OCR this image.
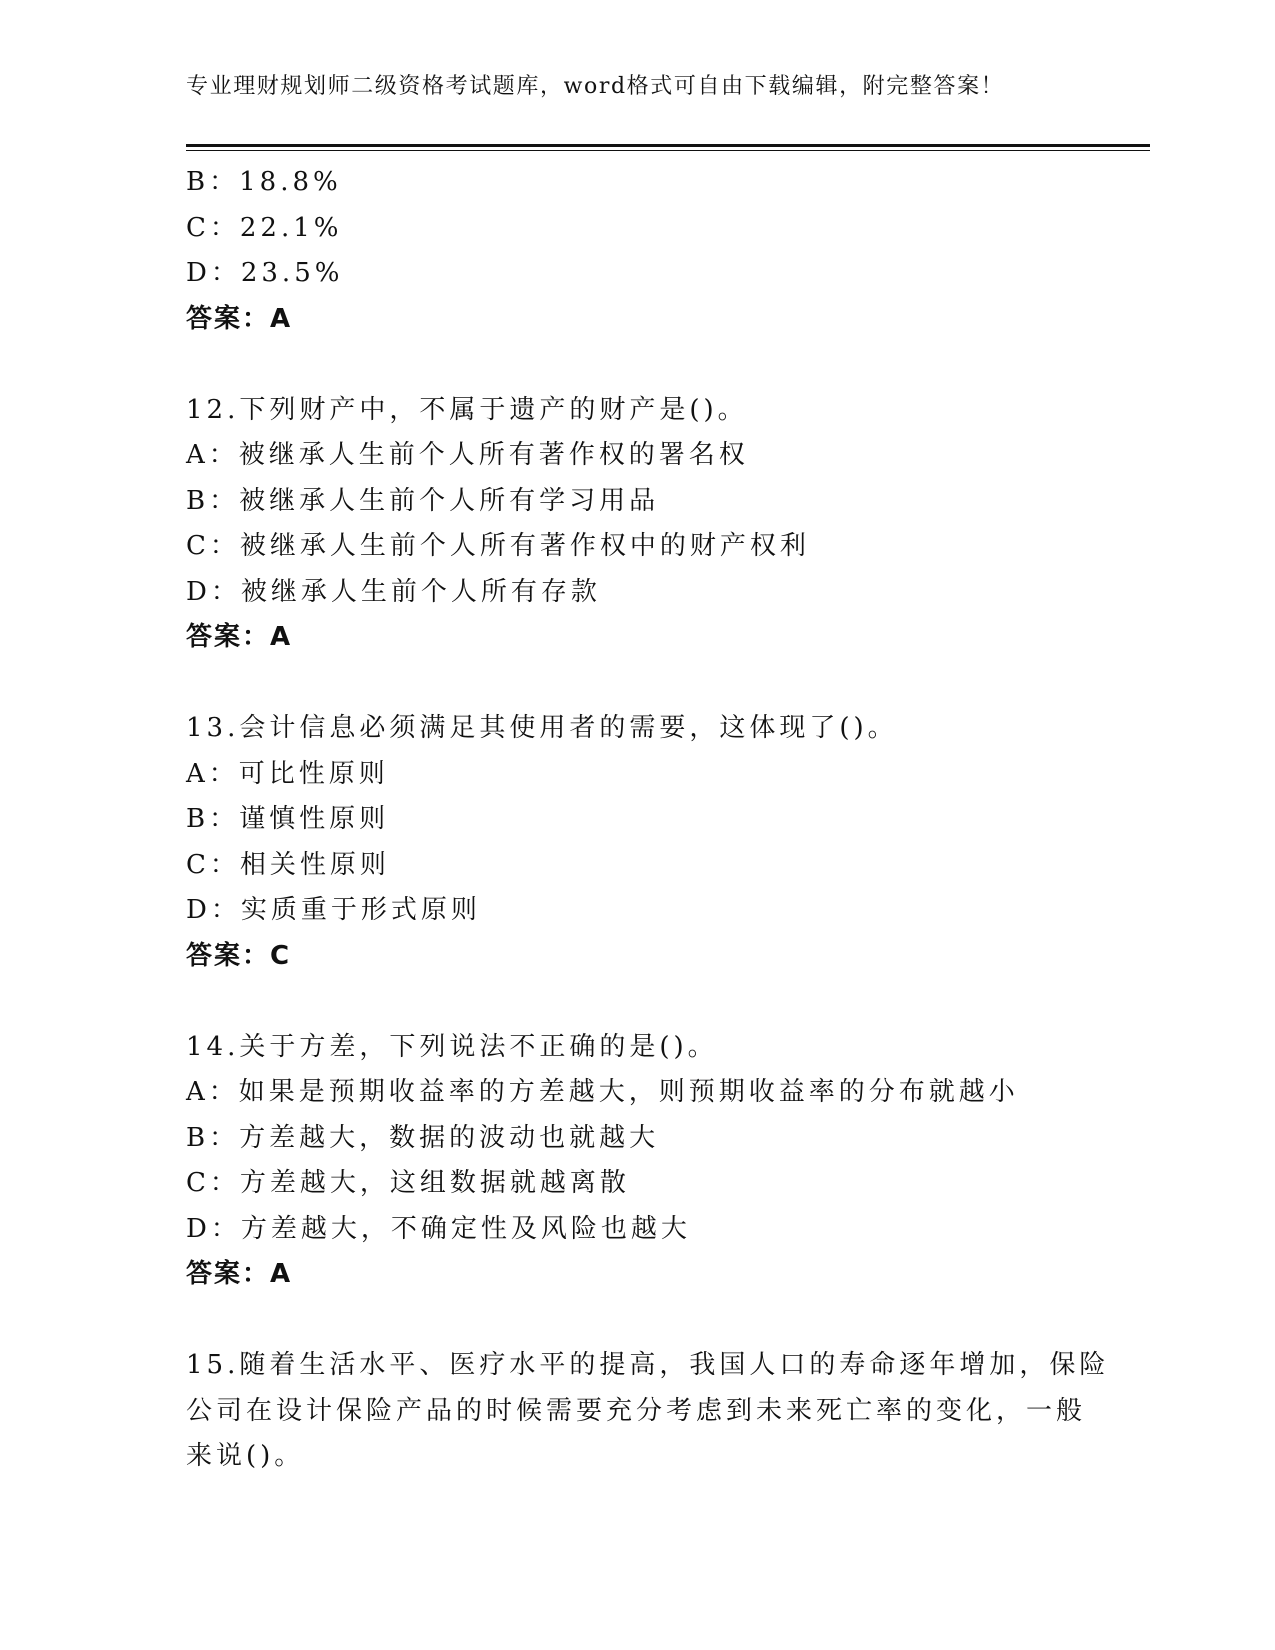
专业理财规划师二级资格考试题库，word格式可自由下载编辑，附完整答案！
B：18.8%
C：22.1%
D：23.5%
答案：A
12.下列财产中，不属于遗产的财产是()。
A：被继承人生前个人所有著作权的署名权
B：被继承人生前个人所有学习用品
C：被继承人生前个人所有著作权中的财产权利
D：被继承人生前个人所有存款
答案：A
13.会计信息必须满足其使用者的需要，这体现了()。
A：可比性原则
B：谨慎性原则
C：相关性原则
D：实质重于形式原则
答案：C
14.关于方差，下列说法不正确的是()。
A：如果是预期收益率的方差越大，则预期收益率的分布就越小
B：方差越大，数据的波动也就越大
C：方差越大，这组数据就越离散
D：方差越大，不确定性及风险也越大
答案：A
15.随着生活水平、医疗水平的提高，我国人口的寿命逐年增加，保险
公司在设计保险产品的时候需要充分考虑到未来死亡率的变化，一般
来说()。
